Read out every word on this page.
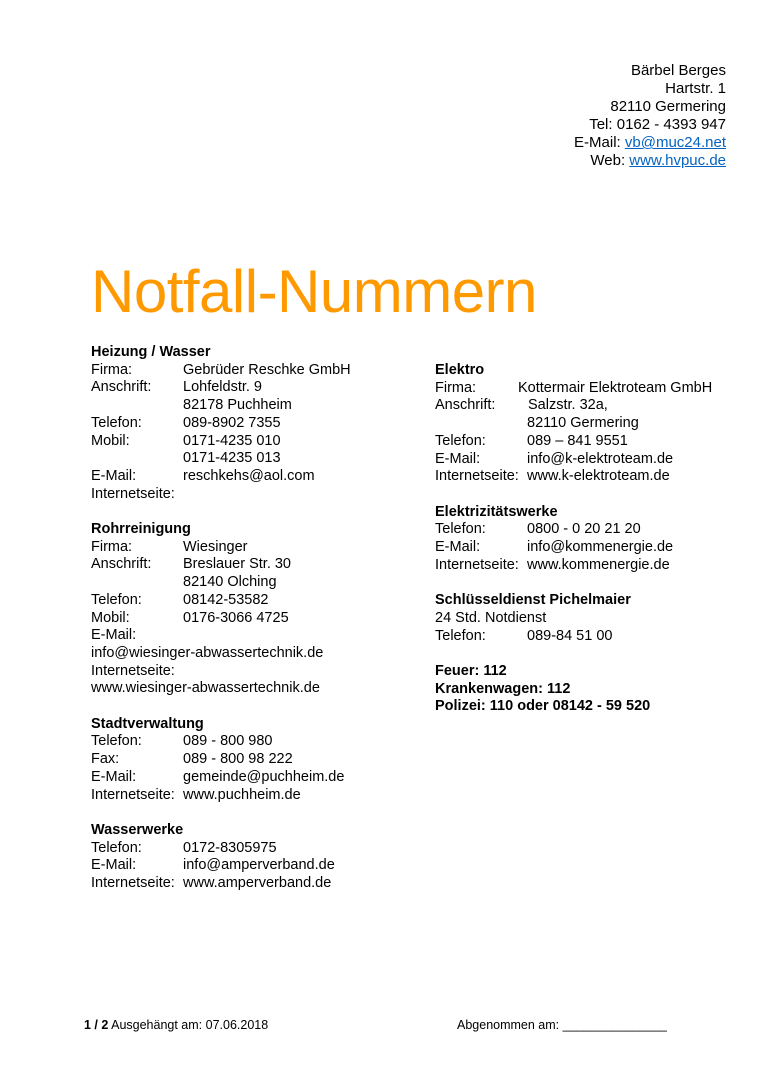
Bärbel Berges
Hartstr. 1
82110 Germering
Tel: 0162 - 4393 947
E-Mail: vb@muc24.net
Web: www.hvpuc.de
Notfall-Nummern
Heizung / Wasser
Firma:	Gebrüder Reschke GmbH
Anschrift:	Lohfeldstr. 9
82178 Puchheim
Telefon:	089-8902 7355
Mobil:	0171-4235 010
0171-4235 013
E-Mail:	reschkehs@aol.com
Internetseite:
Rohrreinigung
Firma:	Wiesinger
Anschrift:	Breslauer Str. 30
82140 Olching
Telefon:	08142-53582
Mobil:	0176-3066 4725
E-Mail:
info@wiesinger-abwassertechnik.de
Internetseite:
www.wiesinger-abwassertechnik.de
Stadtverwaltung
Telefon:	089 - 800 980
Fax:	089 - 800 98 222
E-Mail:	gemeinde@puchheim.de
Internetseite: www.puchheim.de
Wasserwerke
Telefon:	0172-8305975
E-Mail:	info@amperverband.de
Internetseite: www.amperverband.de
Elektro
Firma:	Kottermair Elektroteam GmbH
Anschrift:	Salzstr. 32a,
82110 Germering
Telefon:	089 – 841 9551
E-Mail:	info@k-elektroteam.de
Internetseite: www.k-elektroteam.de
Elektrizitätswerke
Telefon:	0800 - 0 20 21 20
E-Mail:	info@kommenergie.de
Internetseite: www.kommenergie.de
Schlüsseldienst Pichelmaier
24 Std. Notdienst
Telefon:	089-84 51 00
Feuer: 112
Krankenwagen: 112
Polizei: 110 oder 08142 - 59 520
1 / 2 Ausgehängt am: 07.06.2018	Abgenommen am: _______________
